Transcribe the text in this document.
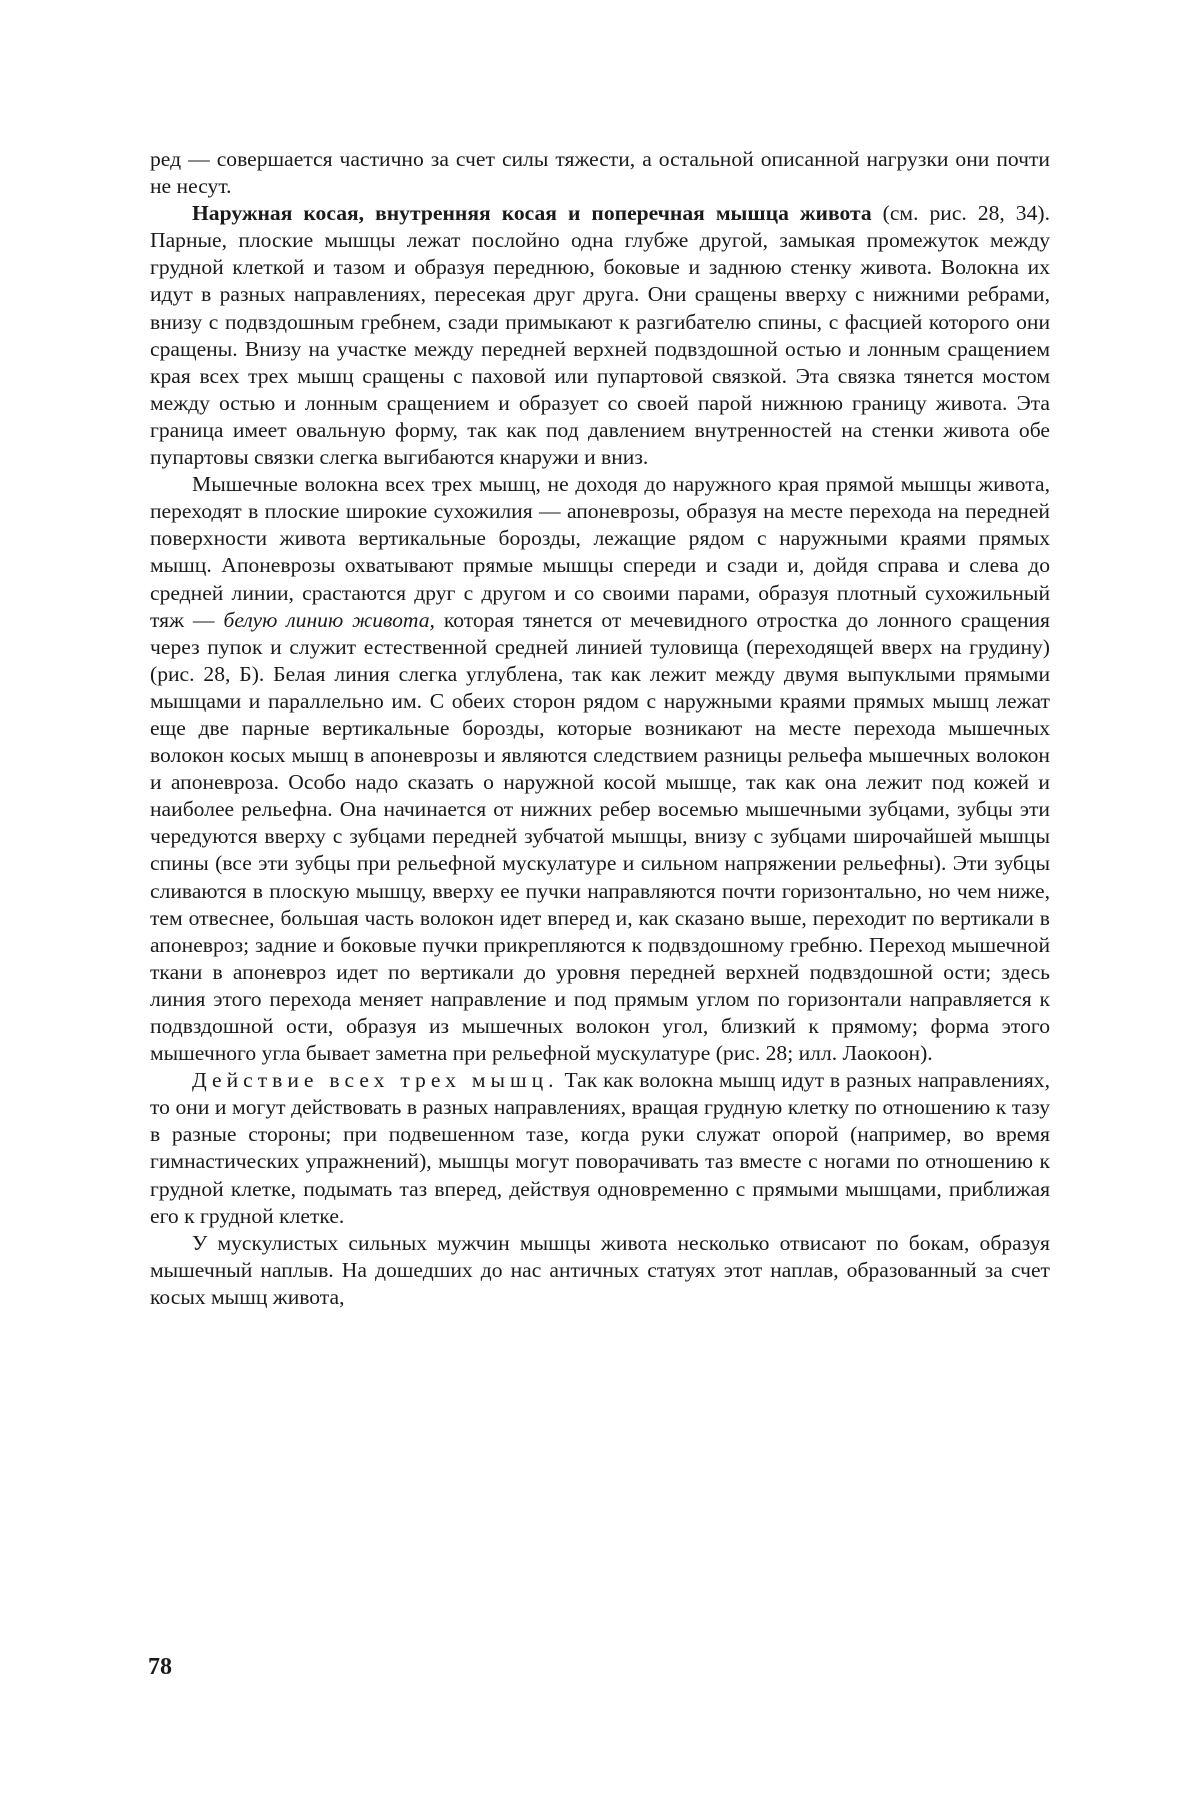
ред — совершается частично за счет силы тяжести, а остальной описанной нагрузки они почти не несут.

Наружная косая, внутренняя косая и поперечная мышца живота (см. рис. 28, 34). Парные, плоские мышцы лежат послойно одна глубже другой, замыкая промежуток между грудной клеткой и тазом и образуя переднюю, боковые и заднюю стенку живота. Волокна их идут в разных направлениях, пересекая друг друга. Они сращены вверху с нижними ребрами, внизу с подвздошным гребнем, сзади примыкают к разгибателю спины, с фасцией которого они сращены. Внизу на участке между передней верхней подвздошной остью и лонным сращением края всех трех мышц сращены с паховой или пупартовой связкой. Эта связка тянется мостом между остью и лонным сращением и образует со своей парой нижнюю границу живота. Эта граница имеет овальную форму, так как под давлением внутренностей на стенки живота обе пупартовы связки слегка выгибаются кнаружи и вниз.

Мышечные волокна всех трех мышц, не доходя до наружного края прямой мышцы живота, переходят в плоские широкие сухожилия — апоневрозы, образуя на месте перехода на передней поверхности живота вертикальные борозды, лежащие рядом с наружными краями прямых мышц. Апоневрозы охватывают прямые мышцы спереди и сзади и, дойдя справа и слева до средней линии, срастаются друг с другом и со своими парами, образуя плотный сухожильный тяж — белую линию живота, которая тянется от мечевидного отростка до лонного сращения через пупок и служит естественной средней линией туловища (переходящей вверх на грудину) (рис. 28, Б). Белая линия слегка углублена, так как лежит между двумя выпуклыми прямыми мышцами и параллельно им. С обеих сторон рядом с наружными краями прямых мышц лежат еще две парные вертикальные борозды, которые возникают на месте перехода мышечных волокон косых мышц в апоневрозы и являются следствием разницы рельефа мышечных волокон и апоневроза. Особо надо сказать о наружной косой мышце, так как она лежит под кожей и наиболее рельефна. Она начинается от нижних ребер восемью мышечными зубцами, зубцы эти чередуются вверху с зубцами передней зубчатой мышцы, внизу с зубцами широчайшей мышцы спины (все эти зубцы при рельефной мускулатуре и сильном напряжении рельефны). Эти зубцы сливаются в плоскую мышцу, вверху ее пучки направляются почти горизонтально, но чем ниже, тем отвеснее, большая часть волокон идет вперед и, как сказано выше, переходит по вертикали в апоневроз; задние и боковые пучки прикрепляются к подвздошному гребню. Переход мышечной ткани в апоневроз идет по вертикали до уровня передней верхней подвздошной ости; здесь линия этого перехода меняет направление и под прямым углом по горизонтали направляется к подвздошной ости, образуя из мышечных волокон угол, близкий к прямому; форма этого мышечного угла бывает заметна при рельефной мускулатуре (рис. 28; илл. Лаокоон).

Действие всех трех мышц. Так как волокна мышц идут в разных направлениях, то они и могут действовать в разных направлениях, вращая грудную клетку по отношению к тазу в разные стороны; при подвешенном тазе, когда руки служат опорой (например, во время гимнастических упражнений), мышцы могут поворачивать таз вместе с ногами по отношению к грудной клетке, подымать таз вперед, действуя одновременно с прямыми мышцами, приближая его к грудной клетке.

У мускулистых сильных мужчин мышцы живота несколько отвисают по бокам, образуя мышечный наплыв. На дошедших до нас античных статуях этот наплав, образованный за счет косых мышц живота,

78
